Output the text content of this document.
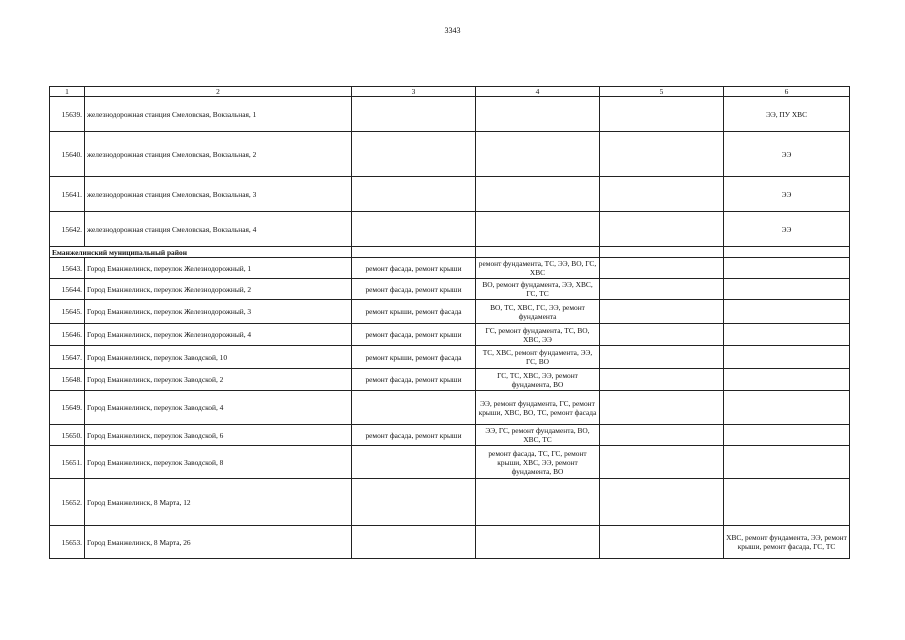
3343
1	2	3	4	5	6
15639.	железнодорожная станция Смеловская, Вокзальная, 1				ЭЭ, ПУ ХВС
15640.	железнодорожная станция Смеловская, Вокзальная, 2				ЭЭ
15641.	железнодорожная станция Смеловская, Вокзальная, 3				ЭЭ
15642.	железнодорожная станция Смеловская, Вокзальная, 4				ЭЭ
Еманжелинский муниципальный район					
15643.	Город Еманжелинск, переулок Железнодорожный, 1	ремонт фасада, ремонт крыши	ремонт фундамента, ТС, ЭЭ, ВО, ГС, ХВС		
15644.	Город Еманжелинск, переулок Железнодорожный, 2	ремонт фасада, ремонт крыши	ВО, ремонт фундамента, ЭЭ, ХВС, ГС, ТС		
15645.	Город Еманжелинск, переулок Железнодорожный, 3	ремонт крыши, ремонт фасада	ВО, ТС, ХВС, ГС, ЭЭ, ремонт фундамента		
15646.	Город Еманжелинск, переулок Железнодорожный, 4	ремонт фасада, ремонт крыши	ГС, ремонт фундамента, ТС, ВО, ХВС, ЭЭ		
15647.	Город Еманжелинск, переулок Заводской, 10	ремонт крыши, ремонт фасада	ТС, ХВС, ремонт фундамента, ЭЭ, ГС, ВО		
15648.	Город Еманжелинск, переулок Заводской, 2	ремонт фасада, ремонт крыши	ГС, ТС, ХВС, ЭЭ, ремонт фундамента, ВО		
15649.	Город Еманжелинск, переулок Заводской, 4		ЭЭ, ремонт фундамента, ГС, ремонт крыши, ХВС, ВО, ТС, ремонт фасада		
15650.	Город Еманжелинск, переулок Заводской, 6	ремонт фасада, ремонт крыши	ЭЭ, ГС, ремонт фундамента, ВО, ХВС, ТС		
15651.	Город Еманжелинск, переулок Заводской, 8		ремонт фасада, ТС, ГС, ремонт крыши, ХВС, ЭЭ, ремонт фундамента, ВО		
15652.	Город Еманжелинск, 8 Марта, 12				
15653.	Город Еманжелинск, 8 Марта, 26				ХВС, ремонт фундамента, ЭЭ, ремонт крыши, ремонт фасада, ГС, ТС
